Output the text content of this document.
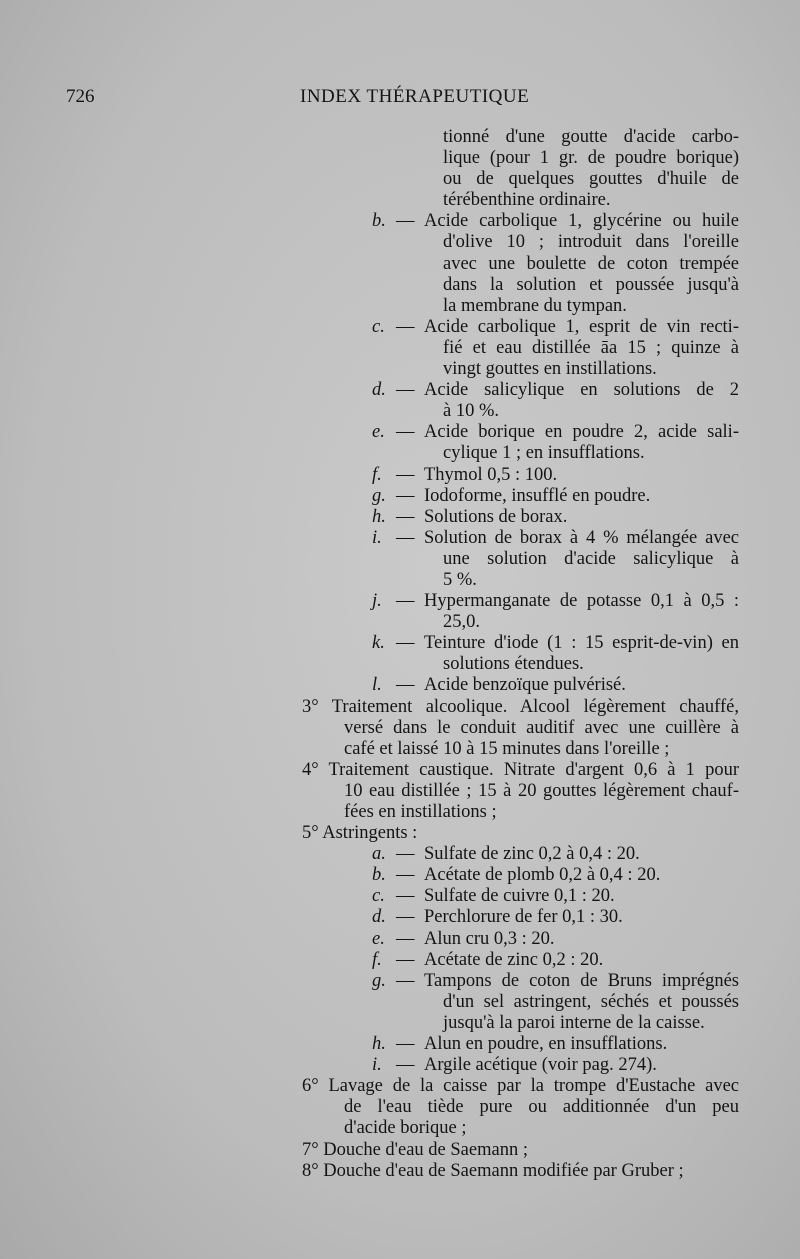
726	INDEX THÉRAPEUTIQUE
tionné d'une goutte d'acide carbo-
lique (pour 1 gr. de poudre borique)
ou de quelques gouttes d'huile de
térébenthine ordinaire.
b. — Acide carbolique 1, glycérine ou huile
d'olive 10 ; introduit dans l'oreille
avec une boulette de coton trempée
dans la solution et poussée jusqu'à
la membrane du tympan.
c. — Acide carbolique 1, esprit de vin recti-
fié et eau distillée āa 15 ; quinze à
vingt gouttes en instillations.
d. — Acide salicylique en solutions de 2
à 10 %.
e. — Acide borique en poudre 2, acide sali-
cylique 1 ; en insufflations.
f. — Thymol 0,5 : 100.
g. — Iodoforme, insufflé en poudre.
h. — Solutions de borax.
i. — Solution de borax à 4 % mélangée avec
une solution d'acide salicylique à
5 %.
j. — Hypermanganate de potasse 0,1 à 0,5 :
25,0.
k. — Teinture d'iode (1 : 15 esprit-de-vin) en
solutions étendues.
l. — Acide benzoïque pulvérisé.
3° Traitement alcoolique. Alcool légèrement chauffé,
versé dans le conduit auditif avec une cuillère à
café et laissé 10 à 15 minutes dans l'oreille ;
4° Traitement caustique. Nitrate d'argent 0,6 à 1 pour
10 eau distillée ; 15 à 20 gouttes légèrement chauf-
fées en instillations ;
5° Astringents :
a. — Sulfate de zinc 0,2 à 0,4 : 20.
b. — Acétate de plomb 0,2 à 0,4 : 20.
c. — Sulfate de cuivre 0,1 : 20.
d. — Perchlorure de fer 0,1 : 30.
e. — Alun cru 0,3 : 20.
f. — Acétate de zinc 0,2 : 20.
g. — Tampons de coton de Bruns imprégnés
d'un sel astringent, séchés et poussés
jusqu'à la paroi interne de la caisse.
h. — Alun en poudre, en insufflations.
i. — Argile acétique (voir pag. 274).
6° Lavage de la caisse par la trompe d'Eustache avec
de l'eau tiède pure ou additionnée d'un peu
d'acide borique ;
7° Douche d'eau de Saemann ;
8° Douche d'eau de Saemann modifiée par Gruber ;
